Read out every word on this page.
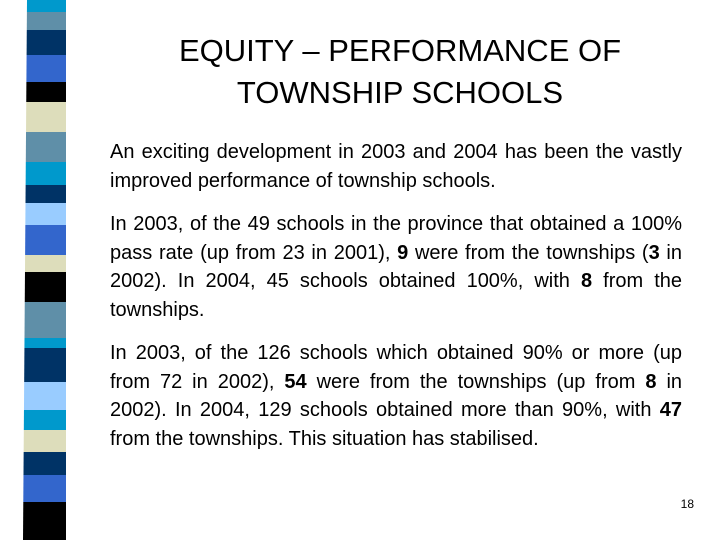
EQUITY – PERFORMANCE OF
TOWNSHIP SCHOOLS

An exciting development in 2003 and 2004 has been the vastly improved performance of township schools.

In 2003, of the 49 schools in the province that obtained a 100% pass rate (up from 23 in 2001), 9 were from the townships (3 in 2002). In 2004, 45 schools obtained 100%, with 8 from the townships.

In 2003, of the 126 schools which obtained 90% or more (up from 72 in 2002), 54 were from the townships (up from 8 in 2002). In 2004, 129 schools obtained more than 90%, with 47 from the townships. This situation has stabilised.

18
